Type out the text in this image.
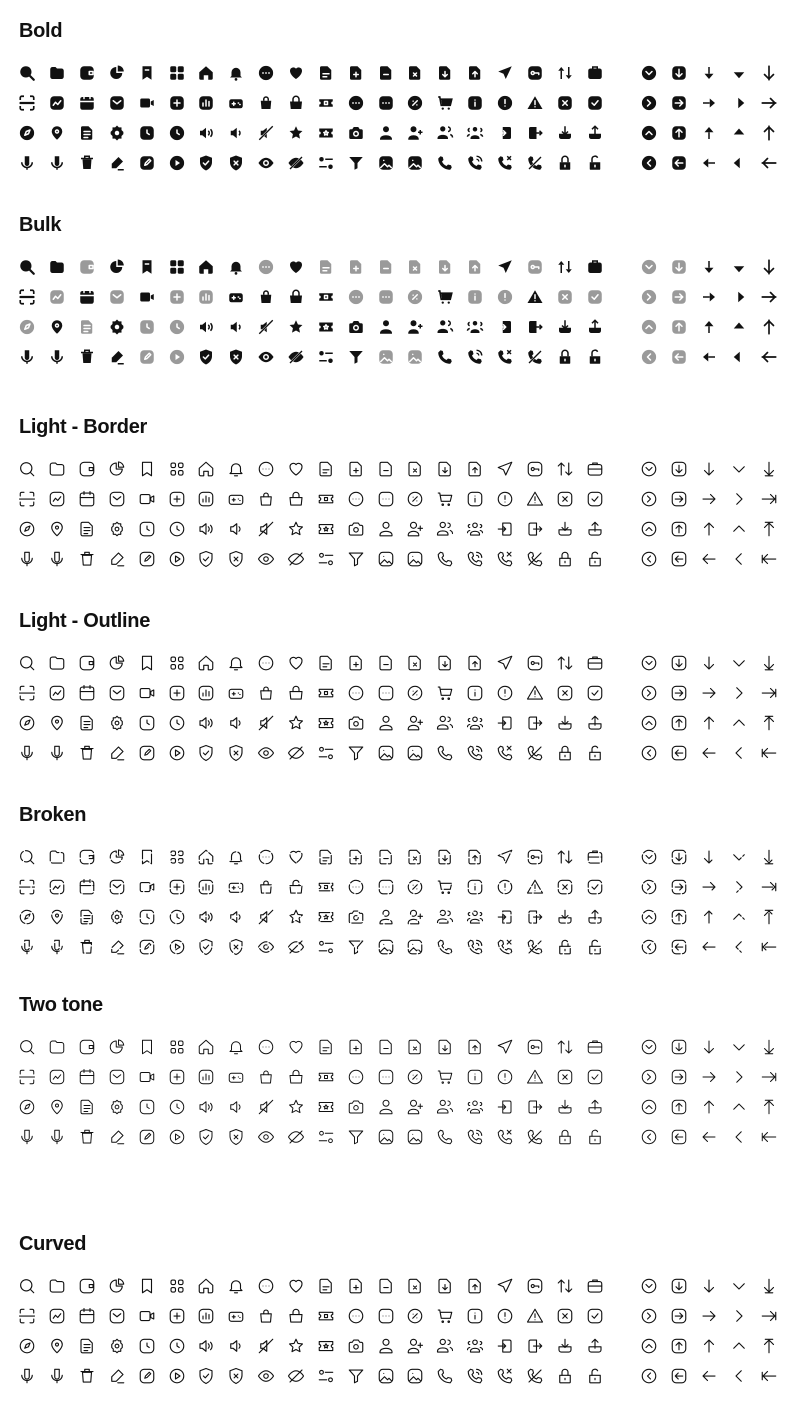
Bold
Bulk
Light - Border
Light - Outline
Broken
Two tone
Curved
